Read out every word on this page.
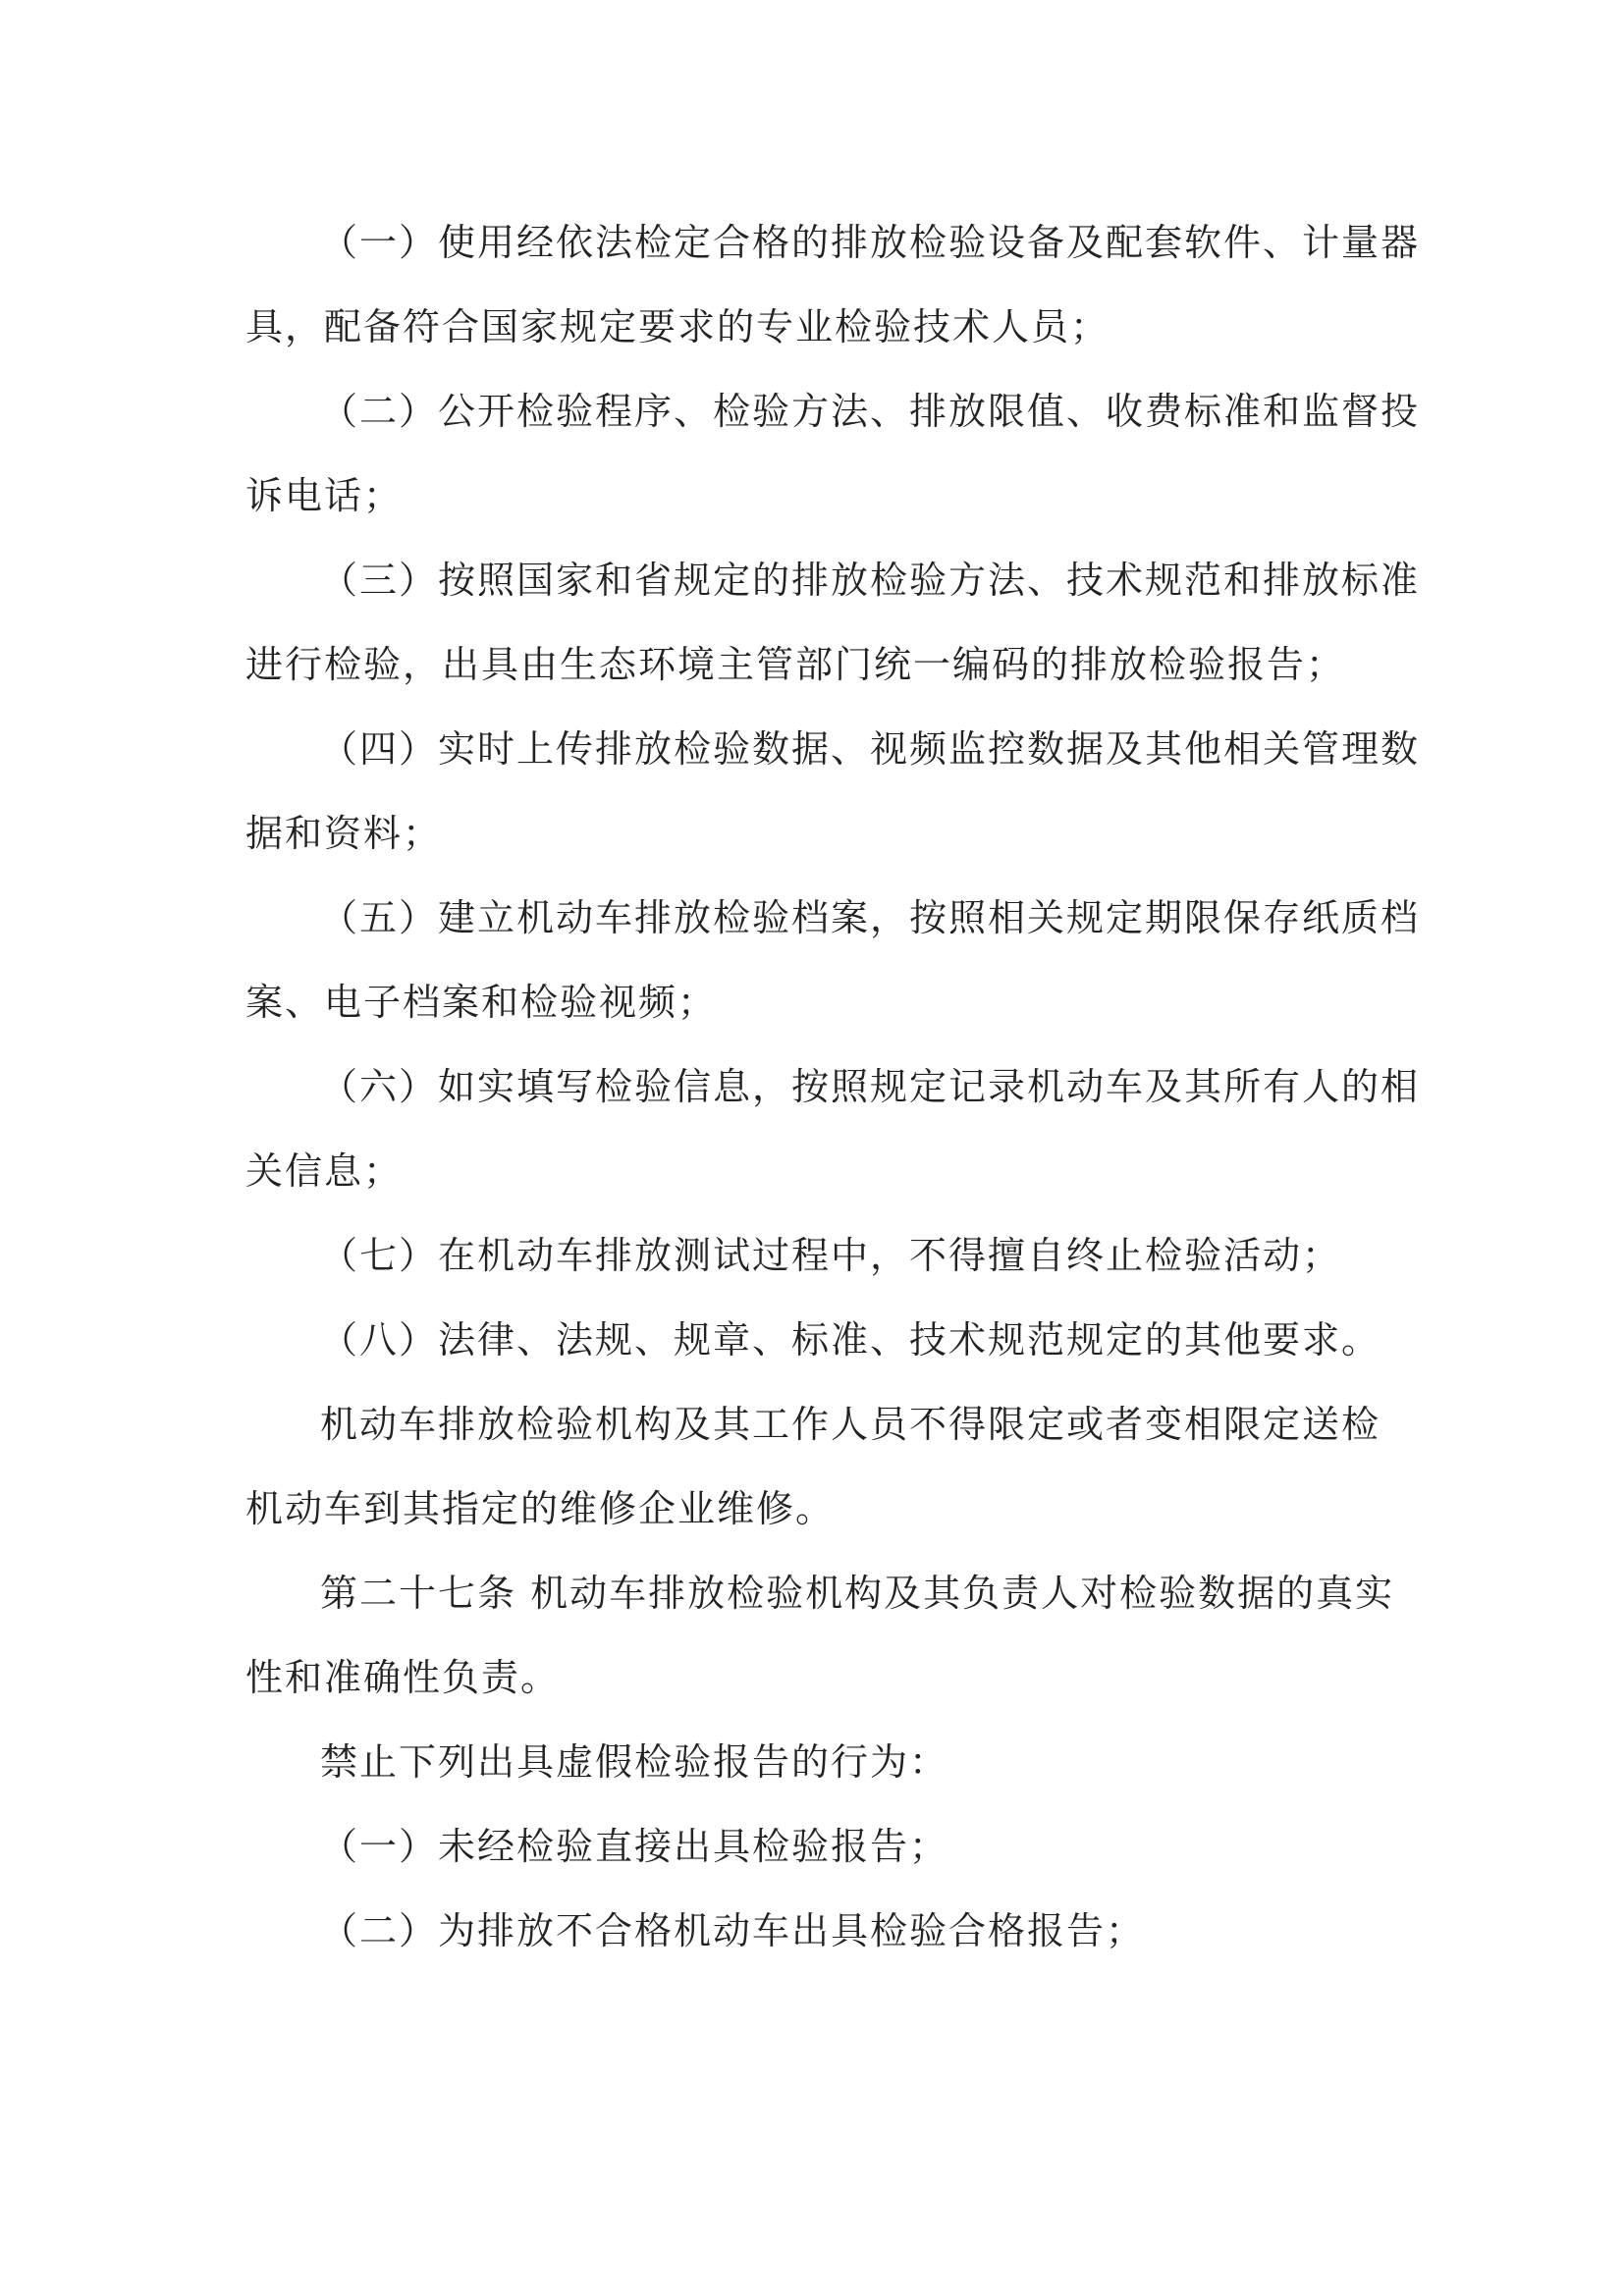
（一）使用经依法检定合格的排放检验设备及配套软件、计量器
具，配备符合国家规定要求的专业检验技术人员；
（二）公开检验程序、检验方法、排放限值、收费标准和监督投
诉电话；
（三）按照国家和省规定的排放检验方法、技术规范和排放标准
进行检验，出具由生态环境主管部门统一编码的排放检验报告；
（四）实时上传排放检验数据、视频监控数据及其他相关管理数
据和资料；
（五）建立机动车排放检验档案，按照相关规定期限保存纸质档
案、电子档案和检验视频；
（六）如实填写检验信息，按照规定记录机动车及其所有人的相
关信息；
（七）在机动车排放测试过程中，不得擅自终止检验活动；
（八）法律、法规、规章、标准、技术规范规定的其他要求。
机动车排放检验机构及其工作人员不得限定或者变相限定送检
机动车到其指定的维修企业维修。
第二十七条 机动车排放检验机构及其负责人对检验数据的真实
性和准确性负责。
禁止下列出具虚假检验报告的行为：
（一）未经检验直接出具检验报告；
（二）为排放不合格机动车出具检验合格报告；
